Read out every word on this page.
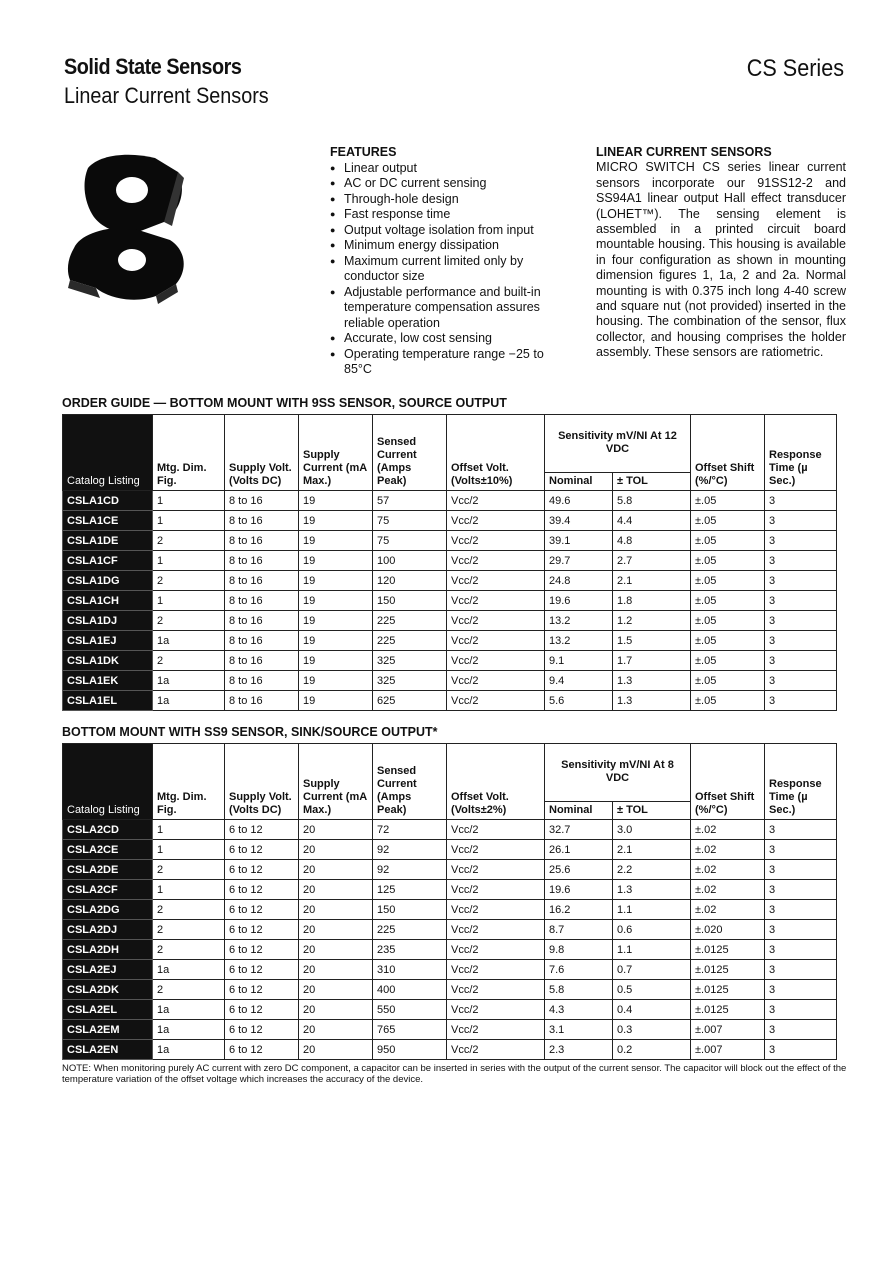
Solid State Sensors
Linear Current Sensors
CS Series
FEATURES
● Linear output
● AC or DC current sensing
● Through-hole design
● Fast response time
● Output voltage isolation from input
● Minimum energy dissipation
● Maximum current limited only by conductor size
● Adjustable performance and built-in temperature compensation assures reliable operation
● Accurate, low cost sensing
● Operating temperature range −25 to 85°C
LINEAR CURRENT SENSORS

MICRO SWITCH CS series linear current sensors incorporate our 91SS12-2 and SS94A1 linear output Hall effect transducer (LOHET™). The sensing element is assembled in a printed circuit board mountable housing. This housing is available in four configuration as shown in mounting dimension figures 1, 1a, 2 and 2a. Normal mounting is with 0.375 inch long 4-40 screw and square nut (not provided) inserted in the housing. The combination of the sensor, flux collector, and housing comprises the holder assembly. These sensors are ratiometric.

ORDER GUIDE — BOTTOM MOUNT WITH 9SS SENSOR, SOURCE OUTPUT
Catalog Listing	Mtg. Dim. Fig.	Supply Volt. (Volts DC)	Supply Current (mA Max.)	Sensed Current (Amps Peak)	Offset Volt. (Volts±10%)	Sensitivity mV/NI At 12 VDC		Offset Shift (%/°C)	Response Time (µ Sec.)
						Nominal	± TOL		
CSLA1CD	1	8 to 16	19	57	Vcc/2	49.6	5.8	±.05	3
CSLA1CE	1	8 to 16	19	75	Vcc/2	39.4	4.4	±.05	3
CSLA1DE	2	8 to 16	19	75	Vcc/2	39.1	4.8	±.05	3
CSLA1CF	1	8 to 16	19	100	Vcc/2	29.7	2.7	±.05	3
CSLA1DG	2	8 to 16	19	120	Vcc/2	24.8	2.1	±.05	3
CSLA1CH	1	8 to 16	19	150	Vcc/2	19.6	1.8	±.05	3
CSLA1DJ	2	8 to 16	19	225	Vcc/2	13.2	1.2	±.05	3
CSLA1EJ	1a	8 to 16	19	225	Vcc/2	13.2	1.5	±.05	3
CSLA1DK	2	8 to 16	19	325	Vcc/2	9.1	1.7	±.05	3
CSLA1EK	1a	8 to 16	19	325	Vcc/2	9.4	1.3	±.05	3
CSLA1EL	1a	8 to 16	19	625	Vcc/2	5.6	1.3	±.05	3
BOTTOM MOUNT WITH SS9 SENSOR, SINK/SOURCE OUTPUT*
Catalog Listing	Mtg. Dim. Fig.	Supply Volt. (Volts DC)	Supply Current (mA Max.)	Sensed Current (Amps Peak)	Offset Volt. (Volts±2%)	Sensitivity mV/NI At 8 VDC		Offset Shift (%/°C)	Response Time (µ Sec.)
						Nominal	± TOL		
CSLA2CD	1	6 to 12	20	72	Vcc/2	32.7	3.0	±.02	3
CSLA2CE	1	6 to 12	20	92	Vcc/2	26.1	2.1	±.02	3
CSLA2DE	2	6 to 12	20	92	Vcc/2	25.6	2.2	±.02	3
CSLA2CF	1	6 to 12	20	125	Vcc/2	19.6	1.3	±.02	3
CSLA2DG	2	6 to 12	20	150	Vcc/2	16.2	1.1	±.02	3
CSLA2DJ	2	6 to 12	20	225	Vcc/2	8.7	0.6	±.020	3
CSLA2DH	2	6 to 12	20	235	Vcc/2	9.8	1.1	±.0125	3
CSLA2EJ	1a	6 to 12	20	310	Vcc/2	7.6	0.7	±.0125	3
CSLA2DK	2	6 to 12	20	400	Vcc/2	5.8	0.5	±.0125	3
CSLA2EL	1a	6 to 12	20	550	Vcc/2	4.3	0.4	±.0125	3
CSLA2EM	1a	6 to 12	20	765	Vcc/2	3.1	0.3	±.007	3
CSLA2EN	1a	6 to 12	20	950	Vcc/2	2.3	0.2	±.007	3
NOTE: When monitoring purely AC current with zero DC component, a capacitor can be inserted in series with the output of the current sensor. The capacitor will block out the effect of the temperature variation of the offset voltage which increases the accuracy of the device.
